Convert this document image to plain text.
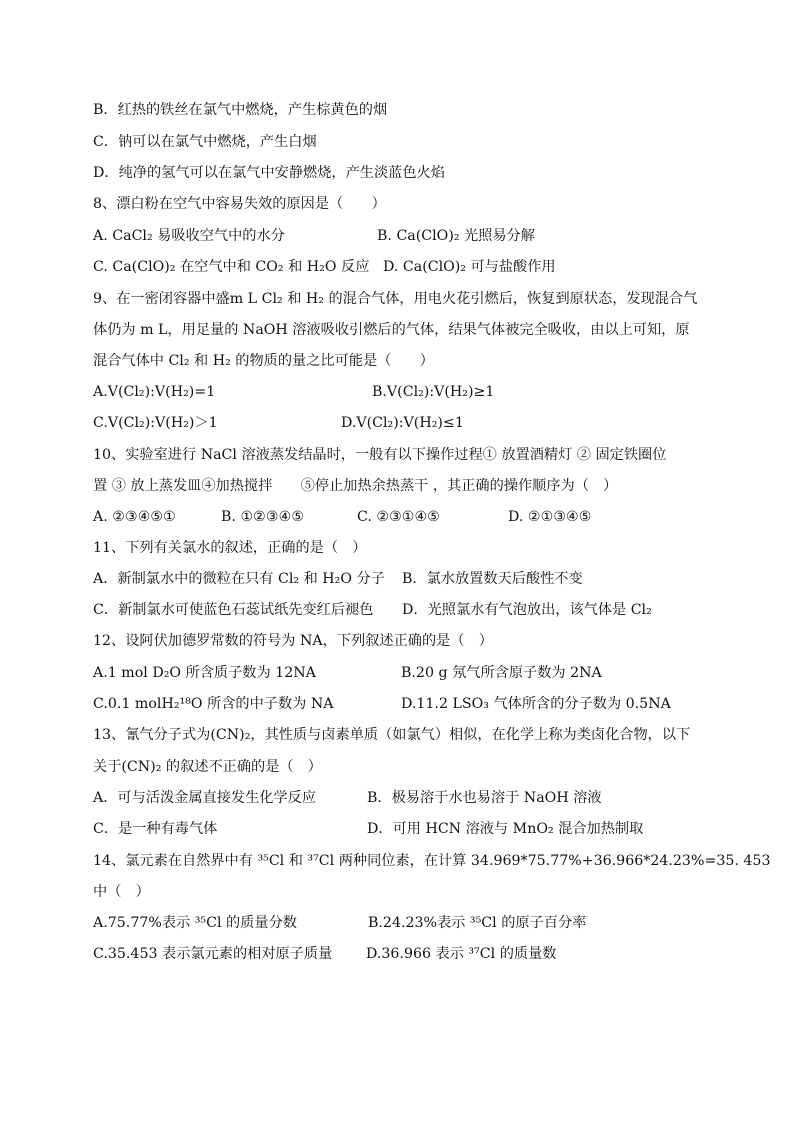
B．红热的铁丝在氯气中燃烧，产生棕黄色的烟
C．钠可以在氯气中燃烧，产生白烟
D．纯净的氢气可以在氯气中安静燃烧，产生淡蓝色火焰
8、漂白粉在空气中容易失效的原因是（　　）
A. CaCl₂ 易吸收空气中的水分	B. Ca(ClO)₂ 光照易分解
C. Ca(ClO)₂ 在空气中和 CO₂ 和 H₂O 反应 D. Ca(ClO)₂ 可与盐酸作用
9、在一密闭容器中盛m L Cl₂ 和 H₂ 的混合气体，用电火花引燃后，恢复到原状态，发现混合气
体仍为 m L，用足量的 NaOH 溶液吸收引燃后的气体，结果气体被完全吸收，由以上可知，原
混合气体中 Cl₂ 和 H₂ 的物质的量之比可能是（　　）
A.V(Cl₂):V(H₂)=1	B.V(Cl₂):V(H₂)≥1
C.V(Cl₂):V(H₂)＞1	D.V(Cl₂):V(H₂)≤1
10、实验室进行 NaCl 溶液蒸发结晶时，一般有以下操作过程① 放置酒精灯 ② 固定铁圈位
置 ③ 放上蒸发皿④加热搅拌　　⑤停止加热余热蒸干 ，其正确的操作顺序为（　）
A. ②③④⑤①	B. ①②③④⑤	C. ②③①④⑤	D. ②①③④⑤
11、下列有关氯水的叙述，正确的是（　）
A．新制氯水中的微粒在只有 Cl₂ 和 H₂O 分子 B．氯水放置数天后酸性不变
C．新制氯水可使蓝色石蕊试纸先变红后褪色 D．光照氯水有气泡放出，该气体是 Cl₂
12、设阿伏加德罗常数的符号为 NA，下列叙述正确的是（　）
A.1 mol D₂O 所含质子数为 12NA	B.20 g 氖气所含原子数为 2NA
C.0.1 molH₂¹⁸O 所含的中子数为 NA	D.11.2 LSO₃ 气体所含的分子数为 0.5NA
13、氰气分子式为(CN)₂，其性质与卤素单质（如氯气）相似，在化学上称为类卤化合物，以下
关于(CN)₂ 的叙述不正确的是（　）
A．可与活泼金属直接发生化学反应	B．极易溶于水也易溶于 NaOH 溶液
C．是一种有毒气体	D．可用 HCN 溶液与 MnO₂ 混合加热制取
14、氯元素在自然界中有 ³⁵Cl 和 ³⁷Cl 两种同位素，在计算 34.969*75.77%+36.966*24.23%=35. 453
中（　）
A.75.77%表示 ³⁵Cl 的质量分数	B.24.23%表示 ³⁵Cl 的原子百分率
C.35.453 表示氯元素的相对原子质量 D.36.966 表示 ³⁷Cl 的质量数
